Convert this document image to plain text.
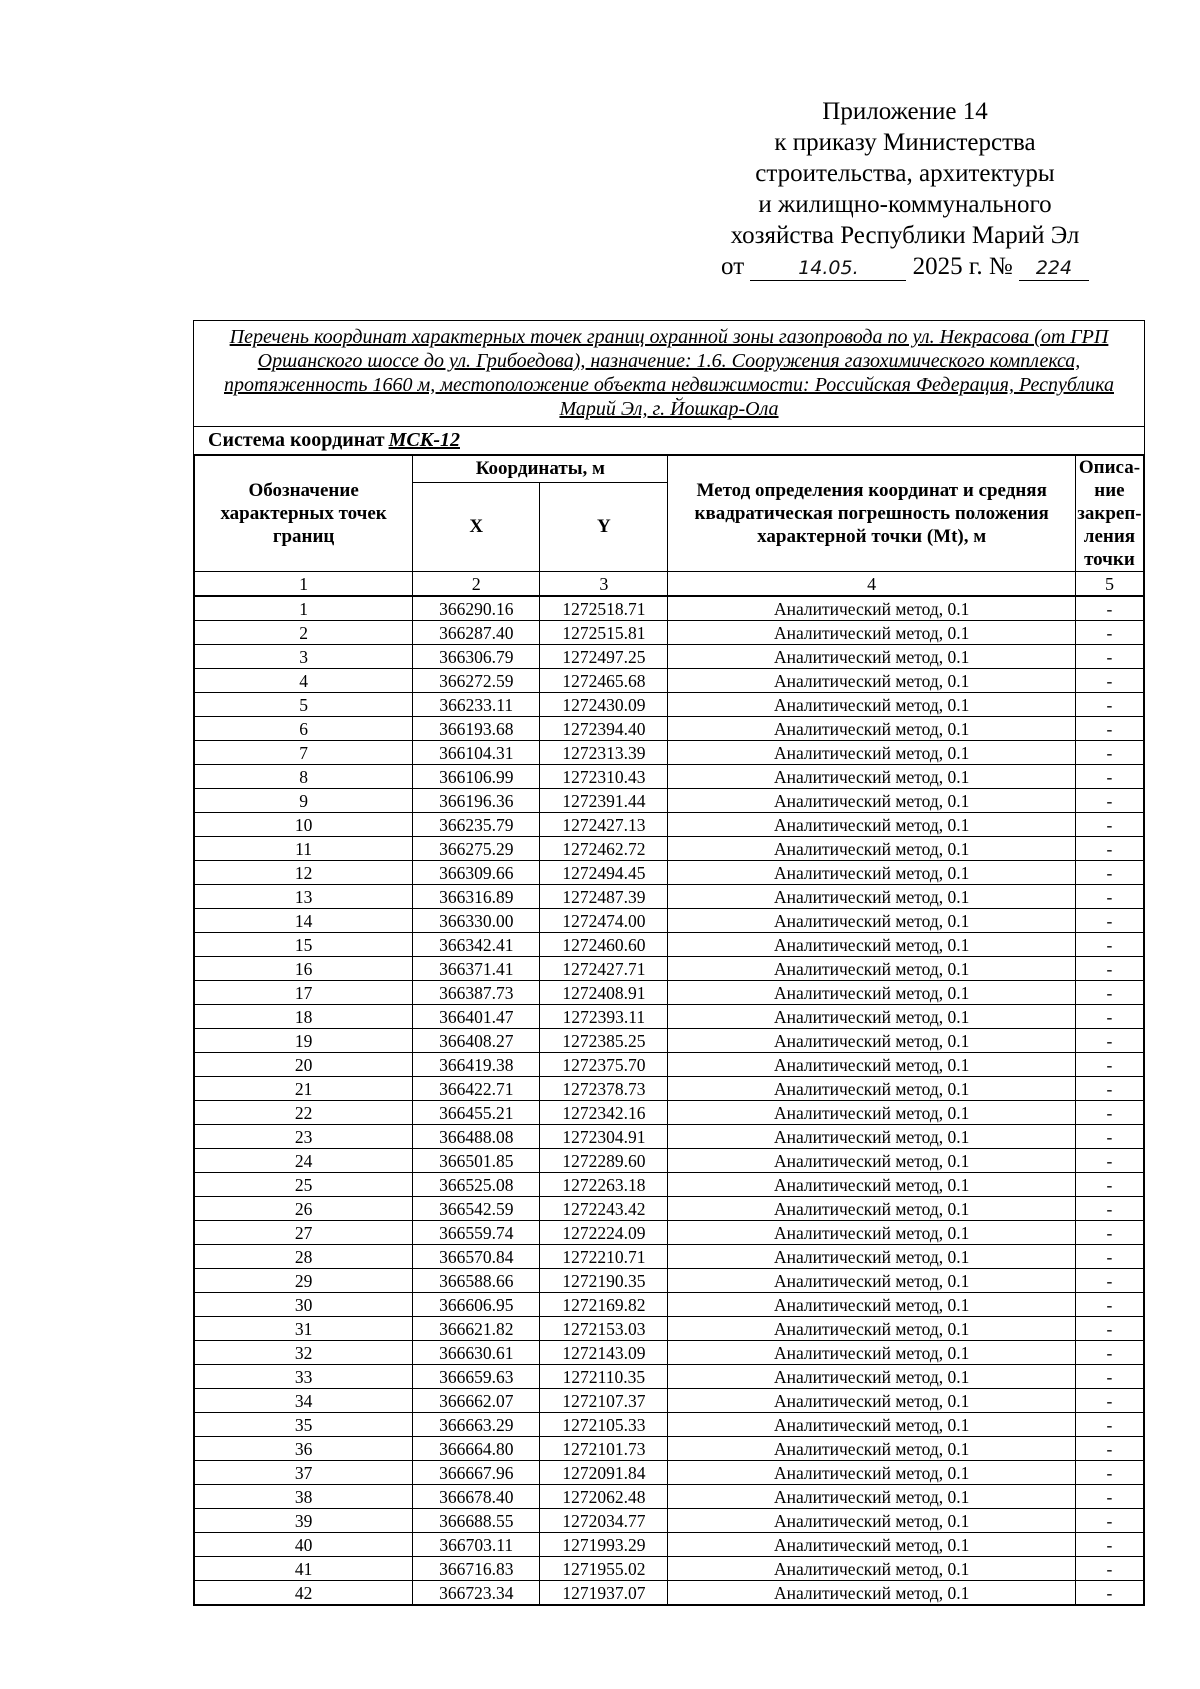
Приложение 14
к приказу Министерства
строительства, архитектуры
и жилищно-коммунального
хозяйства Республики Марий Эл
от	14.05. 2025 г. № 224
Перечень координат характерных точек границ охранной зоны газопровода по ул. Некрасова (от ГРП Оршанского шоссе до ул. Грибоедова), назначение: 1.6. Сооружения газохимического комплекса, протяженность 1660 м, местоположение объекта недвижимости: Российская Федерация, Республика Марий Эл, г. Йошкар-Ола
Система координат МСК-12
Обозначение характерных точек границ	Координаты, м		Метод определения координат и средняя квадратическая погрешность положения характерной точки (Mt), м	Описа-ние закреп-ления точки
	X	Y		
1	2	3	4	5
1	366290.16	1272518.71	Аналитический метод, 0.1	-
2	366287.40	1272515.81	Аналитический метод, 0.1	-
3	366306.79	1272497.25	Аналитический метод, 0.1	-
4	366272.59	1272465.68	Аналитический метод, 0.1	-
5	366233.11	1272430.09	Аналитический метод, 0.1	-
6	366193.68	1272394.40	Аналитический метод, 0.1	-
7	366104.31	1272313.39	Аналитический метод, 0.1	-
8	366106.99	1272310.43	Аналитический метод, 0.1	-
9	366196.36	1272391.44	Аналитический метод, 0.1	-
10	366235.79	1272427.13	Аналитический метод, 0.1	-
11	366275.29	1272462.72	Аналитический метод, 0.1	-
12	366309.66	1272494.45	Аналитический метод, 0.1	-
13	366316.89	1272487.39	Аналитический метод, 0.1	-
14	366330.00	1272474.00	Аналитический метод, 0.1	-
15	366342.41	1272460.60	Аналитический метод, 0.1	-
16	366371.41	1272427.71	Аналитический метод, 0.1	-
17	366387.73	1272408.91	Аналитический метод, 0.1	-
18	366401.47	1272393.11	Аналитический метод, 0.1	-
19	366408.27	1272385.25	Аналитический метод, 0.1	-
20	366419.38	1272375.70	Аналитический метод, 0.1	-
21	366422.71	1272378.73	Аналитический метод, 0.1	-
22	366455.21	1272342.16	Аналитический метод, 0.1	-
23	366488.08	1272304.91	Аналитический метод, 0.1	-
24	366501.85	1272289.60	Аналитический метод, 0.1	-
25	366525.08	1272263.18	Аналитический метод, 0.1	-
26	366542.59	1272243.42	Аналитический метод, 0.1	-
27	366559.74	1272224.09	Аналитический метод, 0.1	-
28	366570.84	1272210.71	Аналитический метод, 0.1	-
29	366588.66	1272190.35	Аналитический метод, 0.1	-
30	366606.95	1272169.82	Аналитический метод, 0.1	-
31	366621.82	1272153.03	Аналитический метод, 0.1	-
32	366630.61	1272143.09	Аналитический метод, 0.1	-
33	366659.63	1272110.35	Аналитический метод, 0.1	-
34	366662.07	1272107.37	Аналитический метод, 0.1	-
35	366663.29	1272105.33	Аналитический метод, 0.1	-
36	366664.80	1272101.73	Аналитический метод, 0.1	-
37	366667.96	1272091.84	Аналитический метод, 0.1	-
38	366678.40	1272062.48	Аналитический метод, 0.1	-
39	366688.55	1272034.77	Аналитический метод, 0.1	-
40	366703.11	1271993.29	Аналитический метод, 0.1	-
41	366716.83	1271955.02	Аналитический метод, 0.1	-
42	366723.34	1271937.07	Аналитический метод, 0.1	-
